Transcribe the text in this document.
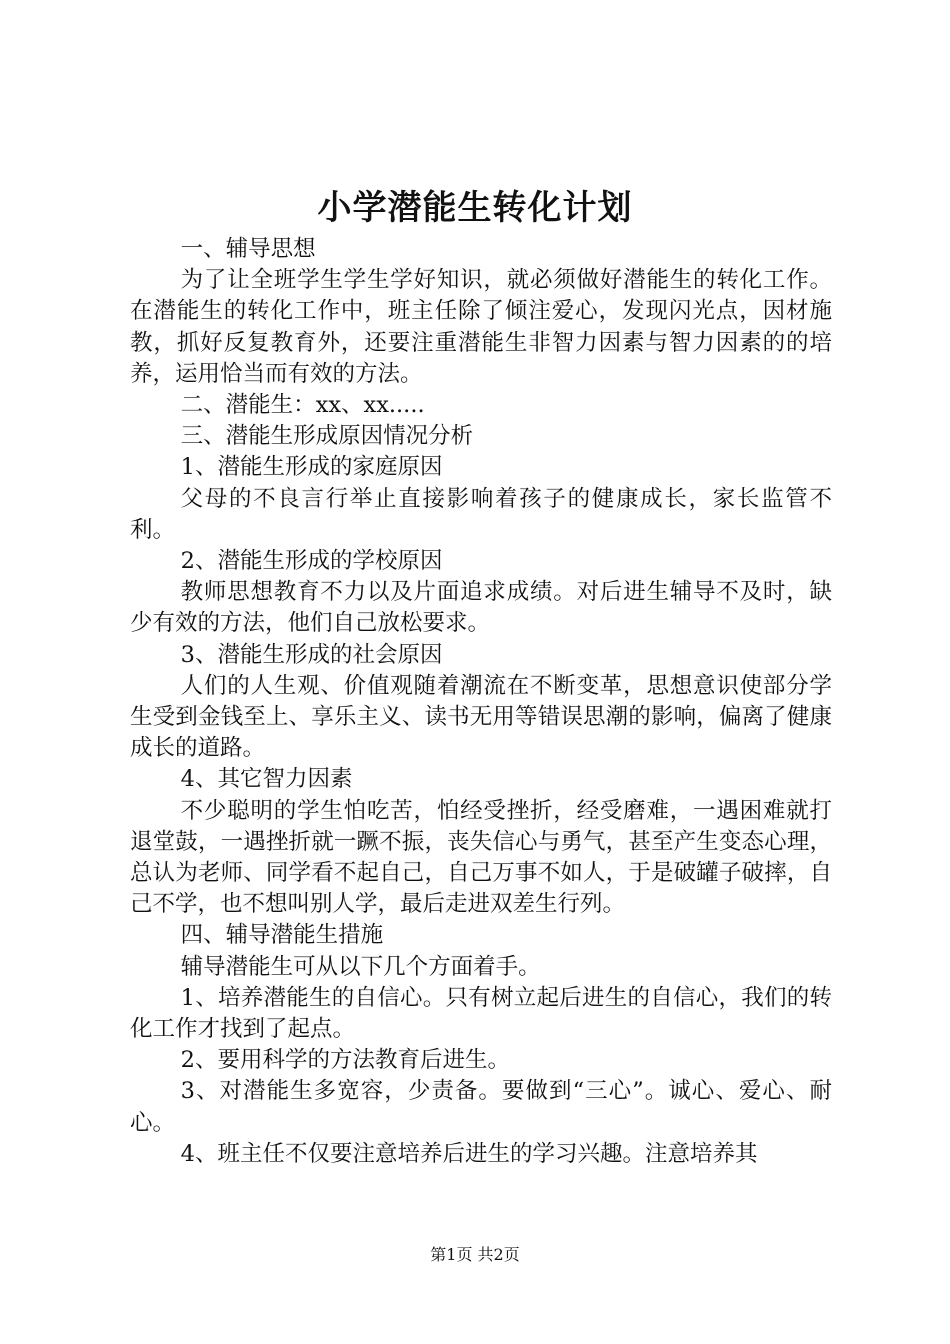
小学潜能生转化计划

一、辅导思想

为了让全班学生学生学好知识，就必须做好潜能生的转化工作。在潜能生的转化工作中，班主任除了倾注爱心，发现闪光点，因材施教，抓好反复教育外，还要注重潜能生非智力因素与智力因素的的培养，运用恰当而有效的方法。

二、潜能生：xx、xx.....

三、潜能生形成原因情况分析

1、潜能生形成的家庭原因

父母的不良言行举止直接影响着孩子的健康成长，家长监管不利。

2、潜能生形成的学校原因

教师思想教育不力以及片面追求成绩。对后进生辅导不及时，缺少有效的方法，他们自己放松要求。

3、潜能生形成的社会原因

人们的人生观、价值观随着潮流在不断变革，思想意识使部分学生受到金钱至上、享乐主义、读书无用等错误思潮的影响，偏离了健康成长的道路。

4、其它智力因素

不少聪明的学生怕吃苦，怕经受挫折，经受磨难，一遇困难就打退堂鼓，一遇挫折就一蹶不振，丧失信心与勇气，甚至产生变态心理，总认为老师、同学看不起自己，自己万事不如人，于是破罐子破摔，自己不学，也不想叫别人学，最后走进双差生行列。

四、辅导潜能生措施

辅导潜能生可从以下几个方面着手。

1、培养潜能生的自信心。只有树立起后进生的自信心，我们的转化工作才找到了起点。

2、要用科学的方法教育后进生。

3、对潜能生多宽容，少责备。要做到“三心”。诚心、爱心、耐心。

4、班主任不仅要注意培养后进生的学习兴趣。注意培养其

第1页 共2页
